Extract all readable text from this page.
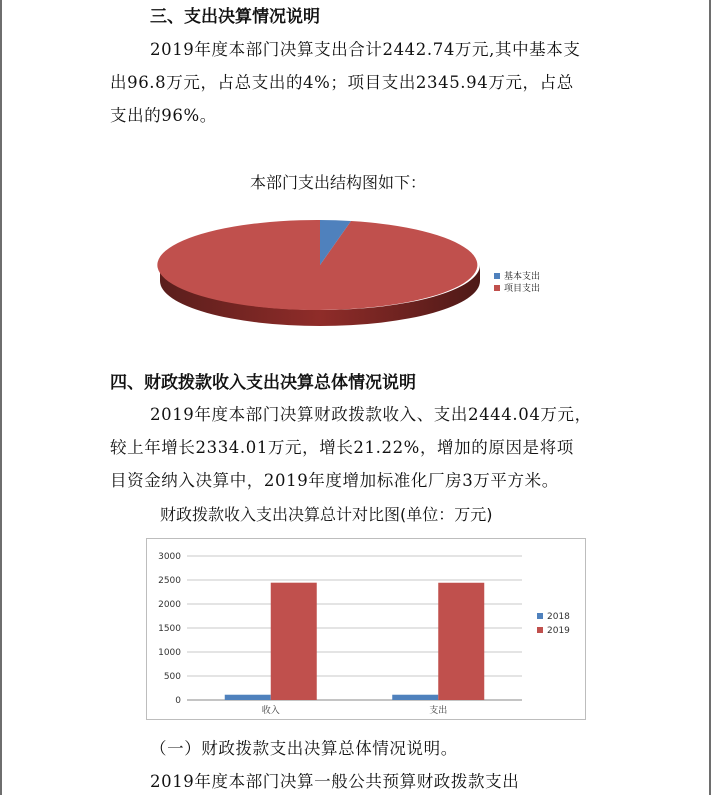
三、支出决算情况说明
2019年度本部门决算支出合计2442.74万元,其中基本支
出96.8万元，占总支出的4%；项目支出2345.94万元，占总
支出的96%。
本部门支出结构图如下：
基本支出
项目支出
四、财政拨款收入支出决算总体情况说明
2019年度本部门决算财政拨款收入、支出2444.04万元，
较上年增长2334.01万元，增长21.22%，增加的原因是将项
目资金纳入决算中，2019年度增加标准化厂房3万平方米。
财政拨款收入支出决算总计对比图(单位：万元)
0
500
1000
1500
2000
2500
3000
收入	支出
2018
2019
（一）财政拨款支出决算总体情况说明。
2019年度本部门决算一般公共预算财政拨款支出
